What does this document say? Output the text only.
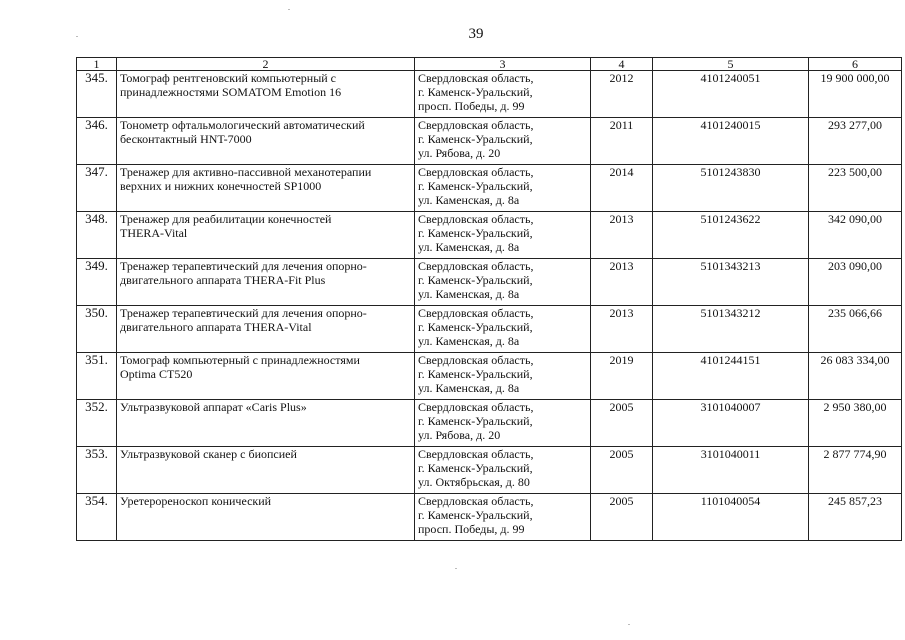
39
1	2	3	4	5	6
345.	Томограф рентгеновский компьютерный с
принадлежностями SOMATOM Emotion 16	Свердловская область,
г. Каменск-Уральский,
просп. Победы, д. 99	2012	4101240051	19 900 000,00
346.	Тонометр офтальмологический автоматический
бесконтактный HNT-7000	Свердловская область,
г. Каменск-Уральский,
ул. Рябова, д. 20	2011	4101240015	293 277,00
347.	Тренажер для активно-пассивной механотерапии
верхних и нижних конечностей SP1000	Свердловская область,
г. Каменск-Уральский,
ул. Каменская, д. 8а	2014	5101243830	223 500,00
348.	Тренажер для реабилитации конечностей
THERA-Vital	Свердловская область,
г. Каменск-Уральский,
ул. Каменская, д. 8а	2013	5101243622	342 090,00
349.	Тренажер терапевтический для лечения опорно-
двигательного аппарата THERA-Fit Plus	Свердловская область,
г. Каменск-Уральский,
ул. Каменская, д. 8а	2013	5101343213	203 090,00
350.	Тренажер терапевтический для лечения опорно-
двигательного аппарата THERA-Vital	Свердловская область,
г. Каменск-Уральский,
ул. Каменская, д. 8а	2013	5101343212	235 066,66
351.	Томограф компьютерный с принадлежностями
Optima CT520	Свердловская область,
г. Каменск-Уральский,
ул. Каменская, д. 8а	2019	4101244151	26 083 334,00
352.	Ультразвуковой аппарат «Caris Plus»	Свердловская область,
г. Каменск-Уральский,
ул. Рябова, д. 20	2005	3101040007	2 950 380,00
353.	Ультразвуковой сканер с биопсией	Свердловская область,
г. Каменск-Уральский,
ул. Октябрьская, д. 80	2005	3101040011	2 877 774,90
354.	Уретерореноскоп конический	Свердловская область,
г. Каменск-Уральский,
просп. Победы, д. 99	2005	1101040054	245 857,23
